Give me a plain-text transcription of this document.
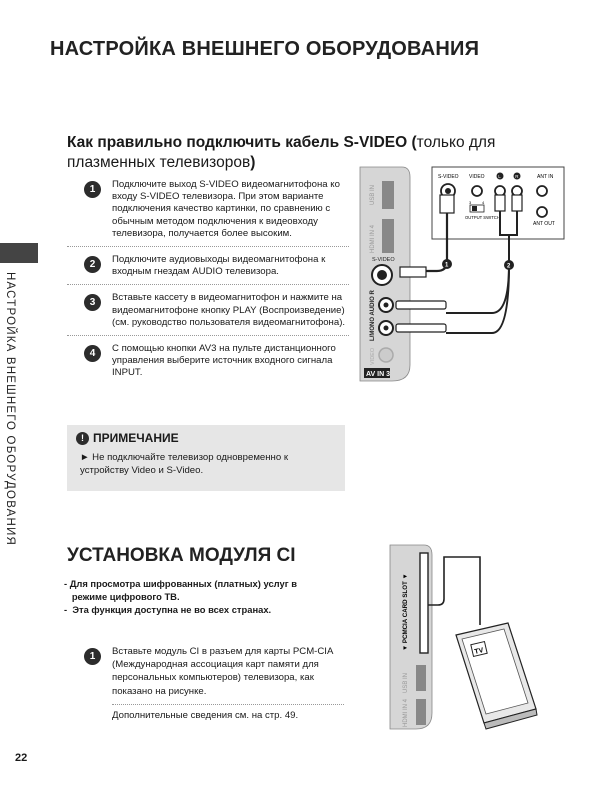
НАСТРОЙКА ВНЕШНЕГО ОБОРУДОВАНИЯ
НАСТРОЙКА ВНЕШНЕГО ОБОРУДОВАНИЯ
Как правильно подключить кабель S-VIDEO (только для плазменных телевизоров)
1	Подключите выход S-VIDEO видеомагнитофона ко входу S-VIDEO телевизора. При этом варианте подключения качество картинки, по сравнению с обычным методом подключения к видеовходу телевизора, получается более высоким.
2	Подключите аудиовыходы видеомагнитофона к входным гнездам AUDIO телевизора.
3	Вставьте кассету в видеомагнитофон и нажмите на видеомагнитофоне кнопку PLAY (Воспроизведение) (см. руководство пользователя видеомагнитофона).
4	С помощью кнопки AV3 на пульте дистанционного управления выберите источник входного сигнала INPUT.
! ПРИМЕЧАНИЕ
► Не подключайте телевизор одновременно к устройству Video и S-Video.
USB IN
HDMI IN 4
S-VIDEO
L/MONO AUDIO R
VIDEO
AV IN 3
S-VIDEO VIDEO	L	R	ANT IN
ANT OUT
3	4
OUTPUT SWITCH
1	2
УСТАНОВКА МОДУЛЯ CI
- Для просмотра шифрованных (платных) услуг в
режиме цифрового ТВ.
-  Эта функция доступна не во всех странах.
1	Вставьте модуль CI в разъем для карты PCM-CIA (Международная ассоциация карт памяти для персональных компьютеров) телевизора, как показано на рисунке.
Дополнительные сведения см. на стр. 49.
▼ PCMCIA CARD SLOT ▼
USB IN
HDMI IN 4
TV
22
